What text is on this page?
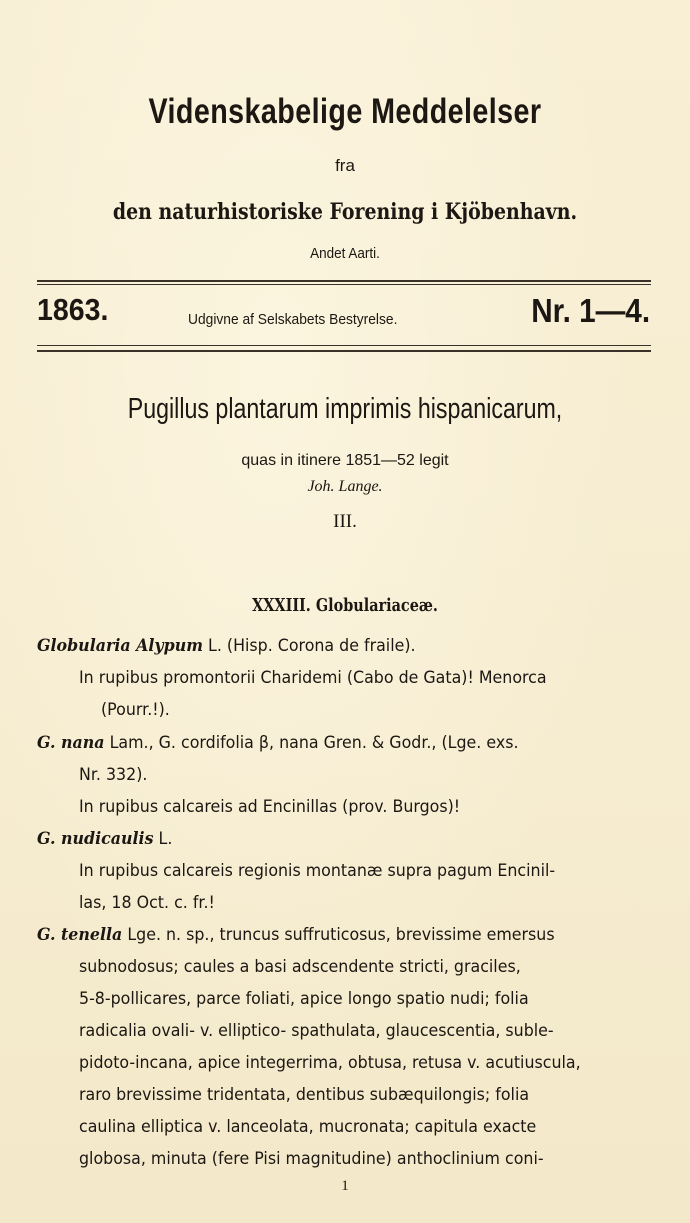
Videnskabelige Meddelelser
fra
den naturhistoriske Forening i Kjöbenhavn.
Andet Aarti.
1863.	Udgivne af Selskabets Bestyrelse.	Nr. 1—4.
Pugillus plantarum imprimis hispanicarum,
quas in itinere 1851—52 legit
Joh. Lange.
III.
XXXIII. Globulariaceæ.
Globularia Alypum L. (Hisp. Corona de fraile).
In rupibus promontorii Charidemi (Cabo de Gata)! Menorca
(Pourr.!).
G. nana Lam., G. cordifolia β, nana Gren. & Godr., (Lge. exs.
Nr. 332).
In rupibus calcareis ad Encinillas (prov. Burgos)!
G. nudicaulis L.
In rupibus calcareis regionis montanæ supra pagum Encinil-
las, 18 Oct. c. fr.!
G. tenella Lge. n. sp., truncus suffruticosus, brevissime emersus
subnodosus; caules a basi adscendente stricti, graciles,
5-8-pollicares, parce foliati, apice longo spatio nudi; folia
radicalia ovali- v. elliptico- spathulata, glaucescentia, suble-
pidoto-incana, apice integerrima, obtusa, retusa v. acutiuscula,
raro brevissime tridentata, dentibus subæquilongis; folia
caulina elliptica v. lanceolata, mucronata; capitula exacte
globosa, minuta (fere Pisi magnitudine) anthoclinium coni-
1
